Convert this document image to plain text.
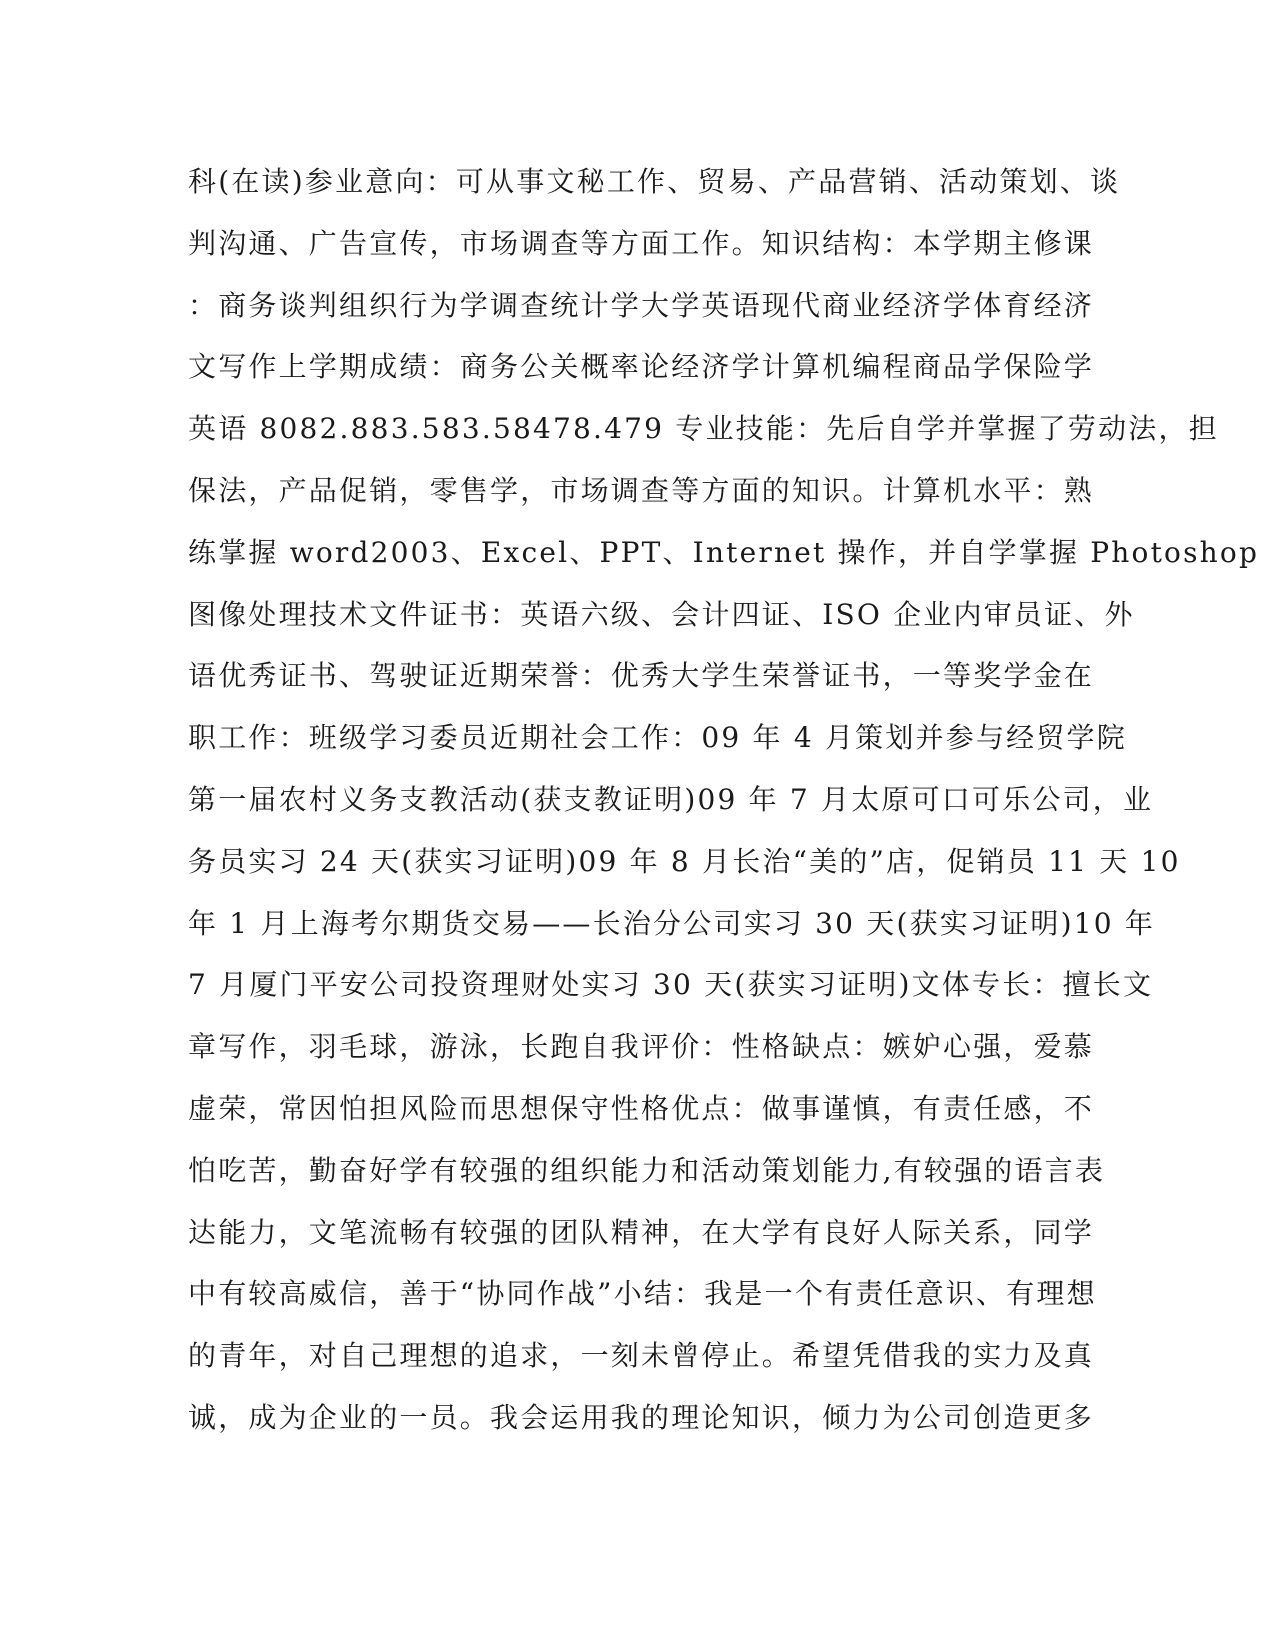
科(在读)参业意向：可从事文秘工作、贸易、产品营销、活动策划、谈
判沟通、广告宣传，市场调查等方面工作。知识结构：本学期主修课
：商务谈判组织行为学调查统计学大学英语现代商业经济学体育经济
文写作上学期成绩：商务公关概率论经济学计算机编程商品学保险学
英语 8082.883.583.58478.479 专业技能：先后自学并掌握了劳动法，担
保法，产品促销，零售学，市场调查等方面的知识。计算机水平：熟
练掌握 word2003、Excel、PPT、Internet 操作，并自学掌握 Photoshop
图像处理技术文件证书：英语六级、会计四证、ISO 企业内审员证、外
语优秀证书、驾驶证近期荣誉：优秀大学生荣誉证书，一等奖学金在
职工作：班级学习委员近期社会工作：09 年 4 月策划并参与经贸学院
第一届农村义务支教活动(获支教证明)09 年 7 月太原可口可乐公司，业
务员实习 24 天(获实习证明)09 年 8 月长治“美的”店，促销员 11 天 10
年 1 月上海考尔期货交易——长治分公司实习 30 天(获实习证明)10 年
7 月厦门平安公司投资理财处实习 30 天(获实习证明)文体专长：擅长文
章写作，羽毛球，游泳，长跑自我评价：性格缺点：嫉妒心强，爱慕
虚荣，常因怕担风险而思想保守性格优点：做事谨慎，有责任感，不
怕吃苦，勤奋好学有较强的组织能力和活动策划能力,有较强的语言表
达能力，文笔流畅有较强的团队精神，在大学有良好人际关系，同学
中有较高威信，善于“协同作战”小结：我是一个有责任意识、有理想
的青年，对自己理想的追求，一刻未曾停止。希望凭借我的实力及真
诚，成为企业的一员。我会运用我的理论知识，倾力为公司创造更多
